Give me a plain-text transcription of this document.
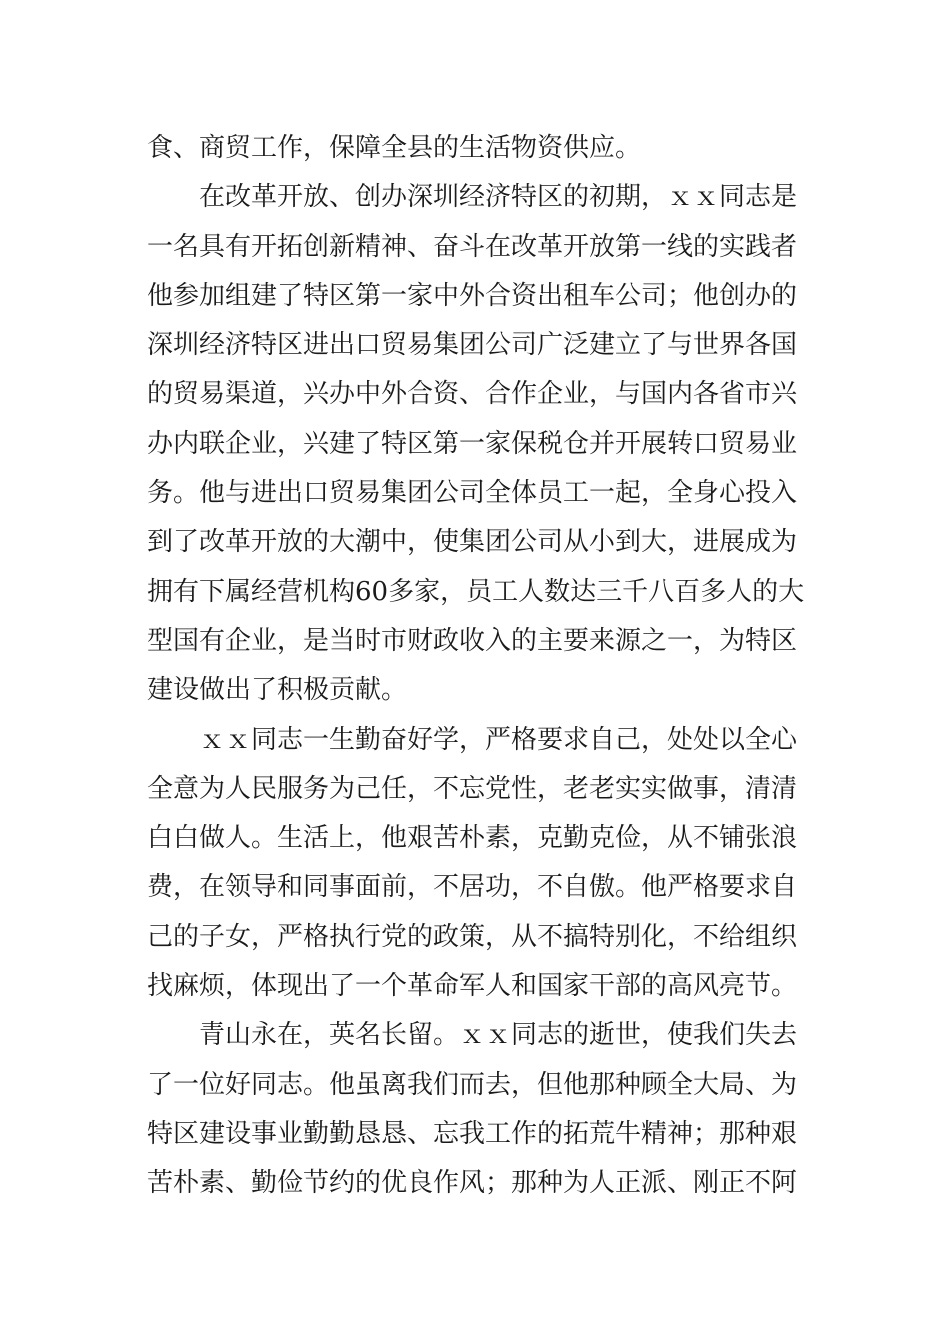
食、商贸工作，保障全县的生活物资供应。
在改革开放、创办深圳经济特区的初期，ｘｘ同志是
一名具有开拓创新精神、奋斗在改革开放第一线的实践者
他参加组建了特区第一家中外合资出租车公司；他创办的
深圳经济特区进出口贸易集团公司广泛建立了与世界各国
的贸易渠道，兴办中外合资、合作企业，与国内各省市兴
办内联企业，兴建了特区第一家保税仓并开展转口贸易业
务。他与进出口贸易集团公司全体员工一起，全身心投入
到了改革开放的大潮中，使集团公司从小到大，进展成为
拥有下属经营机构60多家，员工人数达三千八百多人的大
型国有企业，是当时市财政收入的主要来源之一，为特区
建设做出了积极贡献。
ｘｘ同志一生勤奋好学，严格要求自己，处处以全心
全意为人民服务为己任，不忘党性，老老实实做事，清清
白白做人。生活上，他艰苦朴素，克勤克俭，从不铺张浪
费，在领导和同事面前，不居功，不自傲。他严格要求自
己的子女，严格执行党的政策，从不搞特别化，不给组织
找麻烦，体现出了一个革命军人和国家干部的高风亮节。
青山永在，英名长留。ｘｘ同志的逝世，使我们失去
了一位好同志。他虽离我们而去，但他那种顾全大局、为
特区建设事业勤勤恳恳、忘我工作的拓荒牛精神；那种艰
苦朴素、勤俭节约的优良作风；那种为人正派、刚正不阿
